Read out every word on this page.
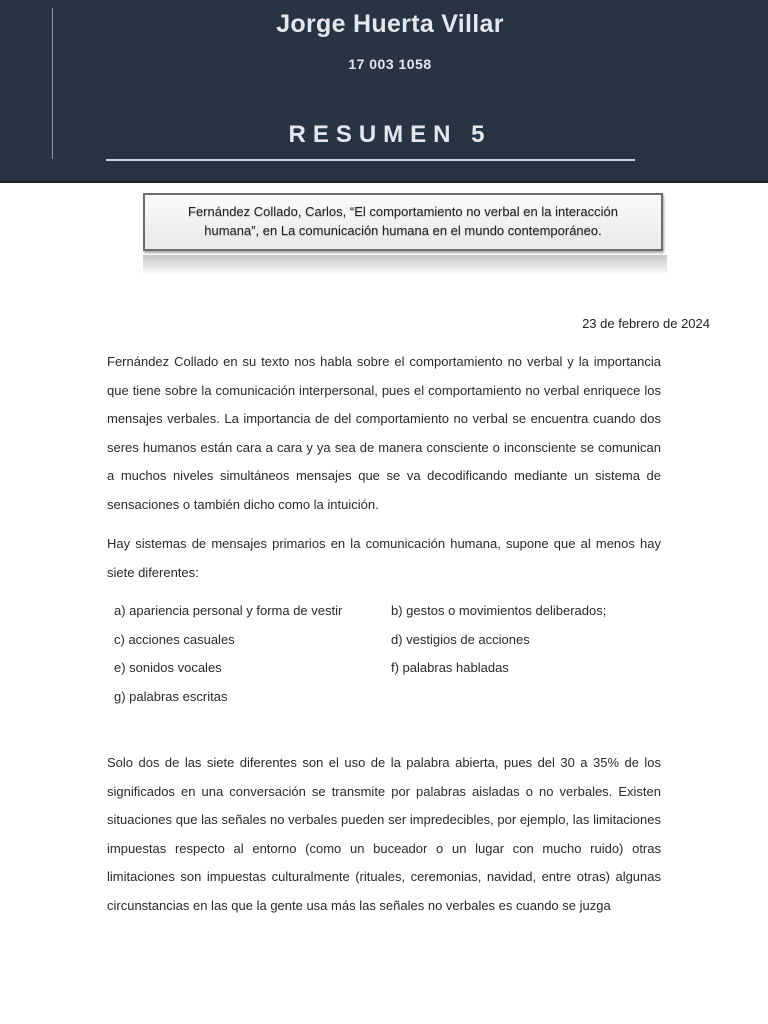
Jorge Huerta Villar
17 003 1058
RESUMEN 5
Fernández Collado, Carlos, “El comportamiento no verbal en la interacción
humana”, en La comunicación humana en el mundo contemporáneo.
23 de febrero de 2024
Fernández Collado en su texto nos habla sobre el comportamiento no verbal y la importancia que tiene sobre la comunicación interpersonal, pues el comportamiento no verbal enriquece los mensajes verbales. La importancia de del comportamiento no verbal se encuentra cuando dos seres humanos están cara a cara y ya sea de manera consciente o inconsciente se comunican a muchos niveles simultáneos mensajes que se va decodificando mediante un sistema de sensaciones o también dicho como la intuición.
Hay sistemas de mensajes primarios en la comunicación humana, supone que al menos hay siete diferentes:
a) apariencia personal y forma de vestir	b) gestos o movimientos deliberados;
c) acciones casuales	d) vestigios de acciones
e) sonidos vocales	f) palabras habladas
g) palabras escritas
Solo dos de las siete diferentes son el uso de la palabra abierta, pues del 30 a 35% de los significados en una conversación se transmite por palabras aisladas o no verbales. Existen situaciones que las señales no verbales pueden ser impredecibles, por ejemplo, las limitaciones impuestas respecto al entorno (como un buceador o un lugar con mucho ruido) otras limitaciones son impuestas culturalmente (rituales, ceremonias, navidad, entre otras) algunas circunstancias en las que la gente usa más las señales no verbales es cuando se juzga
